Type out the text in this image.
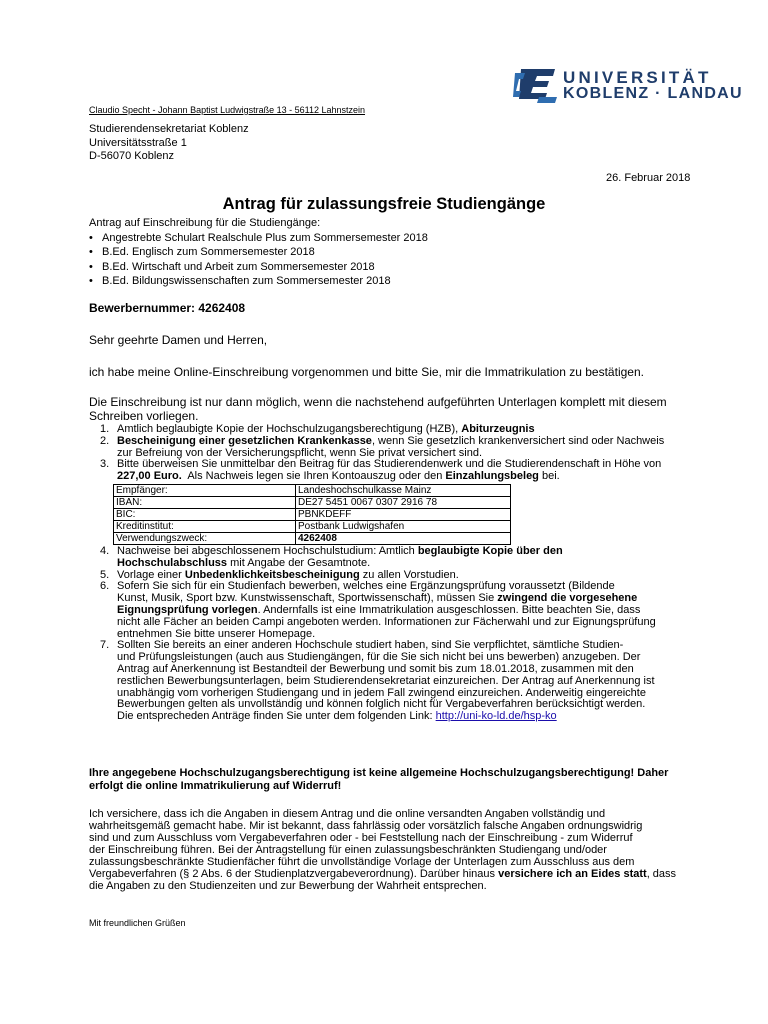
UNIVERSITÄT
KOBLENZ · LANDAU
Claudio Specht - Johann Baptist Ludwigstraße 13 - 56112 Lahnstzein
Studierendensekretariat Koblenz
Universitätsstraße 1
D-56070 Koblenz
26. Februar 2018
Antrag für zulassungsfreie Studiengänge
Antrag auf Einschreibung für die Studiengänge:
• Angestrebte Schulart Realschule Plus zum Sommersemester 2018
• B.Ed. Englisch zum Sommersemester 2018
• B.Ed. Wirtschaft und Arbeit zum Sommersemester 2018
• B.Ed. Bildungswissenschaften zum Sommersemester 2018
Bewerbernummer: 4262408
Sehr geehrte Damen und Herren,
ich habe meine Online-Einschreibung vorgenommen und bitte Sie, mir die Immatrikulation zu bestätigen.
Die Einschreibung ist nur dann möglich, wenn die nachstehend aufgeführten Unterlagen komplett mit diesem
Schreiben vorliegen.
1. Amtlich beglaubigte Kopie der Hochschulzugangsberechtigung (HZB), Abiturzeugnis
2. Bescheinigung einer gesetzlichen Krankenkasse, wenn Sie gesetzlich krankenversichert sind oder Nachweis
zur Befreiung von der Versicherungspflicht, wenn Sie privat versichert sind.
3. Bitte überweisen Sie unmittelbar den Beitrag für das Studierendenwerk und die Studierendenschaft in Höhe von
227,00 Euro.  Als Nachweis legen sie Ihren Kontoauszug oder den Einzahlungsbeleg bei.
Empfänger:	Landeshochschulkasse Mainz
IBAN:	DE27 5451 0067 0307 2916 78
BIC:	PBNKDEFF
Kreditinstitut:	Postbank Ludwigshafen
Verwendungszweck:	4262408
4. Nachweise bei abgeschlossenem Hochschulstudium: Amtlich beglaubigte Kopie über den
Hochschulabschluss mit Angabe der Gesamtnote.
5. Vorlage einer Unbedenklichkeitsbescheinigung zu allen Vorstudien.
6. Sofern Sie sich für ein Studienfach bewerben, welches eine Ergänzungsprüfung voraussetzt (Bildende
Kunst, Musik, Sport bzw. Kunstwissenschaft, Sportwissenschaft), müssen Sie zwingend die vorgesehene
Eignungsprüfung vorlegen. Andernfalls ist eine Immatrikulation ausgeschlossen. Bitte beachten Sie, dass
nicht alle Fächer an beiden Campi angeboten werden. Informationen zur Fächerwahl und zur Eignungsprüfung
entnehmen Sie bitte unserer Homepage.
7. Sollten Sie bereits an einer anderen Hochschule studiert haben, sind Sie verpflichtet, sämtliche Studien-
und Prüfungsleistungen (auch aus Studiengängen, für die Sie sich nicht bei uns bewerben) anzugeben. Der
Antrag auf Anerkennung ist Bestandteil der Bewerbung und somit bis zum 18.01.2018, zusammen mit den
restlichen Bewerbungsunterlagen, beim Studierendensekretariat einzureichen. Der Antrag auf Anerkennung ist
unabhängig vom vorherigen Studiengang und in jedem Fall zwingend einzureichen. Anderweitig eingereichte
Bewerbungen gelten als unvollständig und können folglich nicht für Vergabeverfahren berücksichtigt werden.
Die entsprecheden Anträge finden Sie unter dem folgenden Link: http://uni-ko-ld.de/hsp-ko
Ihre angegebene Hochschulzugangsberechtigung ist keine allgemeine Hochschulzugangsberechtigung! Daher
erfolgt die online Immatrikulierung auf Widerruf!
Ich versichere, dass ich die Angaben in diesem Antrag und die online versandten Angaben vollständig und
wahrheitsgemäß gemacht habe. Mir ist bekannt, dass fahrlässig oder vorsätzlich falsche Angaben ordnungswidrig
sind und zum Ausschluss vom Vergabeverfahren oder - bei Feststellung nach der Einschreibung - zum Widerruf
der Einschreibung führen. Bei der Antragstellung für einen zulassungsbeschränkten Studiengang und/oder
zulassungsbeschränkte Studienfächer führt die unvollständige Vorlage der Unterlagen zum Ausschluss aus dem
Vergabeverfahren (§ 2 Abs. 6 der Studienplatzvergabeverordnung). Darüber hinaus versichere ich an Eides statt, dass
die Angaben zu den Studienzeiten und zur Bewerbung der Wahrheit entsprechen.
Mit freundlichen Grüßen
